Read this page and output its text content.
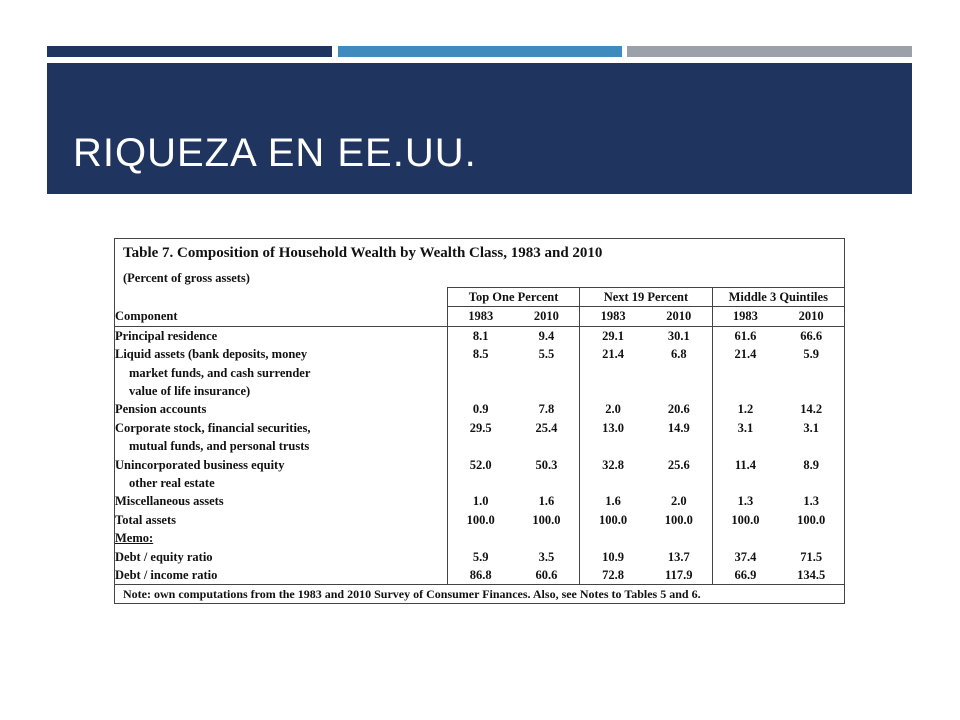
RIQUEZA EN EE.UU.
Table 7. Composition of Household Wealth by Wealth Class, 1983 and 2010
(Percent of gross assets)
	Top One Percent		Next 19 Percent		Middle 3 Quintiles	
Component	1983	2010	1983	2010	1983	2010
Principal residence	8.1	9.4	29.1	30.1	61.6	66.6
Liquid assets (bank deposits, money	8.5	5.5	21.4	6.8	21.4	5.9
market funds, and cash surrender						
value of life insurance)						
Pension accounts	0.9	7.8	2.0	20.6	1.2	14.2
Corporate stock, financial securities,	29.5	25.4	13.0	14.9	3.1	3.1
mutual funds, and personal trusts						
Unincorporated business equity	52.0	50.3	32.8	25.6	11.4	8.9
other real estate						
Miscellaneous assets	1.0	1.6	1.6	2.0	1.3	1.3
Total assets	100.0	100.0	100.0	100.0	100.0	100.0
Memo:						
Debt / equity ratio	5.9	3.5	10.9	13.7	37.4	71.5
Debt / income ratio	86.8	60.6	72.8	117.9	66.9	134.5
Note: own computations from the 1983 and 2010 Survey of Consumer Finances. Also, see Notes to Tables 5 and 6.
